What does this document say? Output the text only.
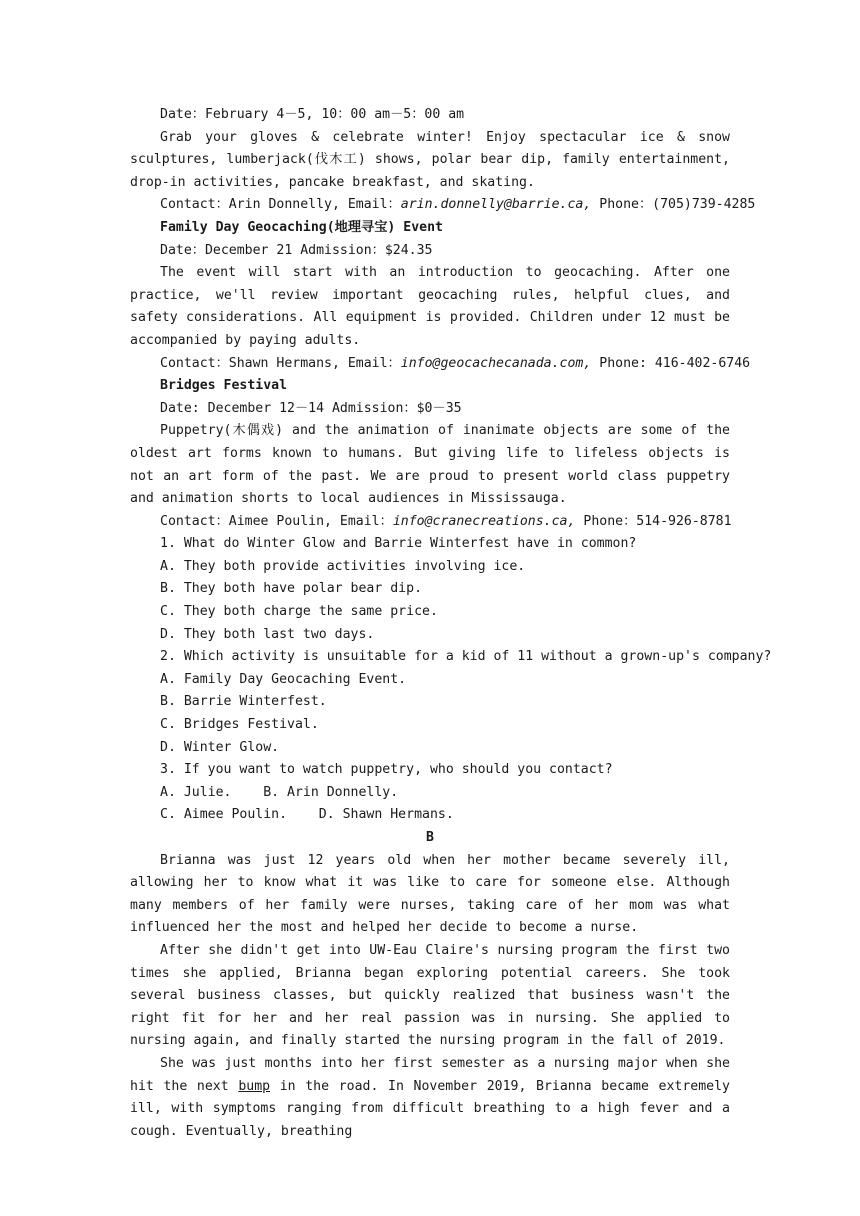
Date：February 4－5, 10：00 am－5：00 am

Grab your gloves & celebrate winter! Enjoy spectacular ice & snow sculptures, lumberjack(伐木工) shows, polar bear dip, family entertainment, drop-in activities, pancake breakfast, and skating.

Contact：Arin Donnelly, Email：arin.donnelly@barrie.ca, Phone：(705)739-4285

Family Day Geocaching(地理寻宝) Event

Date：December 21 Admission：$24.35

The event will start with an introduction to geocaching. After one practice, we'll review important geocaching rules, helpful clues, and safety considerations. All equipment is provided. Children under 12 must be accompanied by paying adults.

Contact：Shawn Hermans, Email：info@geocachecanada.com, Phone: 416-402-6746

Bridges Festival

Date: December 12－14 Admission：$0－35

Puppetry(木偶戏) and the animation of inanimate objects are some of the oldest art forms known to humans. But giving life to lifeless objects is not an art form of the past. We are proud to present world class puppetry and animation shorts to local audiences in Mississauga.

Contact：Aimee Poulin, Email：info@cranecreations.ca, Phone：514-926-8781

1. What do Winter Glow and Barrie Winterfest have in common?

A. They both provide activities involving ice.

B. They both have polar bear dip.

C. They both charge the same price.

D. They both last two days.

2. Which activity is unsuitable for a kid of 11 without a grown-up's company?

A. Family Day Geocaching Event.

B. Barrie Winterfest.

C. Bridges Festival.

D. Winter Glow.

3. If you want to watch puppetry, who should you contact?

A. Julie.    B. Arin Donnelly.

C. Aimee Poulin.    D. Shawn Hermans.

B

Brianna was just 12 years old when her mother became severely ill, allowing her to know what it was like to care for someone else. Although many members of her family were nurses, taking care of her mom was what influenced her the most and helped her decide to become a nurse.

After she didn't get into UW-Eau Claire's nursing program the first two times she applied, Brianna began exploring potential careers. She took several business classes, but quickly realized that business wasn't the right fit for her and her real passion was in nursing. She applied to nursing again, and finally started the nursing program in the fall of 2019.

She was just months into her first semester as a nursing major when she hit the next bump in the road. In November 2019, Brianna became extremely ill, with symptoms ranging from difficult breathing to a high fever and a cough. Eventually, breathing
